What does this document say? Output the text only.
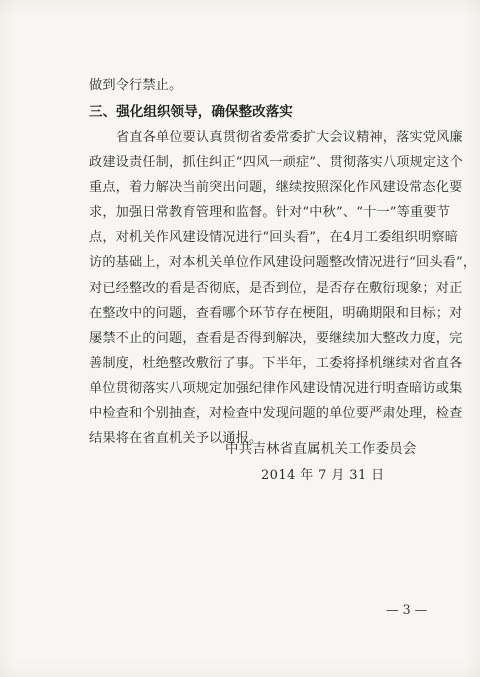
做到令行禁止。
三、强化组织领导，确保整改落实
省直各单位要认真贯彻省委常委扩大会议精神，落实党风廉
政建设责任制，抓住纠正“四风一顽症”、贯彻落实八项规定这个
重点，着力解决当前突出问题，继续按照深化作风建设常态化要
求，加强日常教育管理和监督。针对“中秋”、“十一”等重要节
点，对机关作风建设情况进行“回头看”，在4月工委组织明察暗
访的基础上，对本机关单位作风建设问题整改情况进行“回头看”，
对已经整改的看是否彻底，是否到位，是否存在敷衍现象；对正
在整改中的问题，查看哪个环节存在梗阻，明确期限和目标；对
屡禁不止的问题，查看是否得到解决，要继续加大整改力度，完
善制度，杜绝整改敷衍了事。下半年，工委将择机继续对省直各
单位贯彻落实八项规定加强纪律作风建设情况进行明查暗访或集
中检查和个别抽查，对检查中发现问题的单位要严肃处理，检查
结果将在省直机关予以通报。
中共吉林省直属机关工作委员会
2014 年 7 月 31 日
— 3 —
